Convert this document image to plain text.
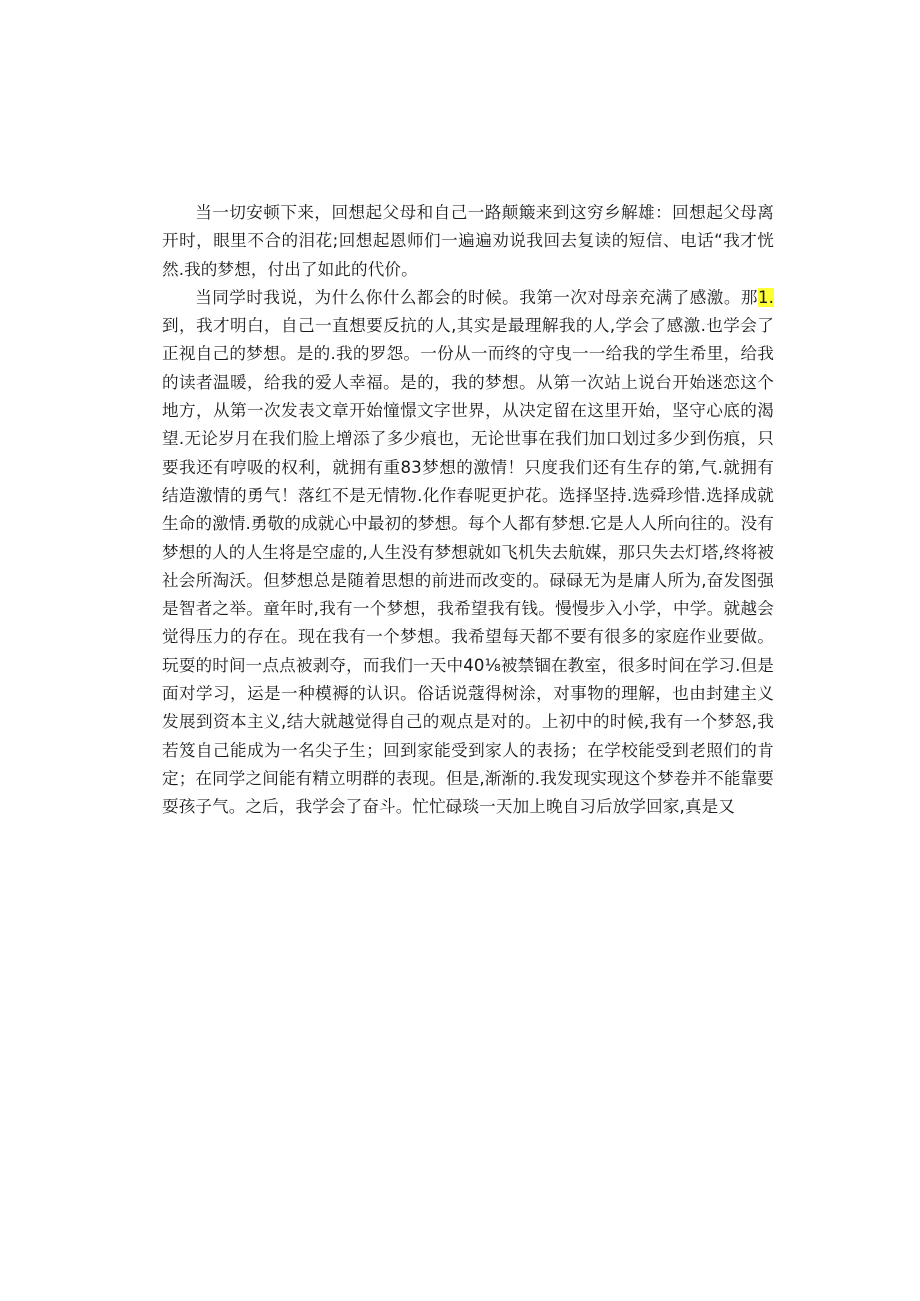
当一切安顿下来，回想起父母和自己一路颠簸来到这穷乡解雄：回想起父母离开时，眼里不合的泪花;回想起恩师们一遍遍劝说我回去复读的短信、电话“我才恍然.我的梦想，付出了如此的代价。

当同学时我说，为什么你什么都会的时候。我第一次对母亲充满了感激。那1.到，我才明白，自己一直想要反抗的人,其实是最理解我的人,学会了感激.也学会了正视自己的梦想。是的.我的罗怨。一份从一而终的守曳一一给我的学生希里，给我的读者温暖，给我的爱人幸福。是的，我的梦想。从第一次站上说台开始迷恋这个地方，从第一次发表文章开始憧憬文字世界，从决定留在这里开始，坚守心底的渴望.无论岁月在我们脸上增添了多少痕也，无论世事在我们加口划过多少到伤痕，只要我还有哼吸的权利，就拥有重83梦想的激情！只度我们还有生存的第,气.就拥有结造激情的勇气！落红不是无情物.化作春呢更护花。选择坚持.选舜珍惜.选择成就生命的激情.勇敬的成就心中最初的梦想。每个人都有梦想.它是人人所向往的。没有梦想的人的人生将是空虚的,人生没有梦想就如飞机失去航媒，那只失去灯塔,终将被社会所淘沃。但梦想总是随着思想的前进而改变的。碌碌无为是庸人所为,奋发图强是智者之举。童年时,我有一个梦想，我希望我有钱。慢慢步入小学，中学。就越会觉得压力的存在。现在我有一个梦想。我希望每天都不要有很多的家庭作业要做。玩耍的时间一点点被剥夺，而我们一天中40⅛被禁锢在教室，很多时间在学习.但是面对学习，运是一种模褥的认识。俗话说蔻得树涂，对事物的理解，也由封建主义发展到资本主义,结大就越觉得自己的观点是对的。上初中的时候,我有一个梦怒,我若笈自己能成为一名尖子生；回到家能受到家人的表扬；在学校能受到老照们的肯定；在同学之间能有精立明群的表现。但是,渐渐的.我发现实现这个梦卷并不能靠要耍孩子气。之后，我学会了奋斗。忙忙碌琰一天加上晚自习后放学回家,真是又
